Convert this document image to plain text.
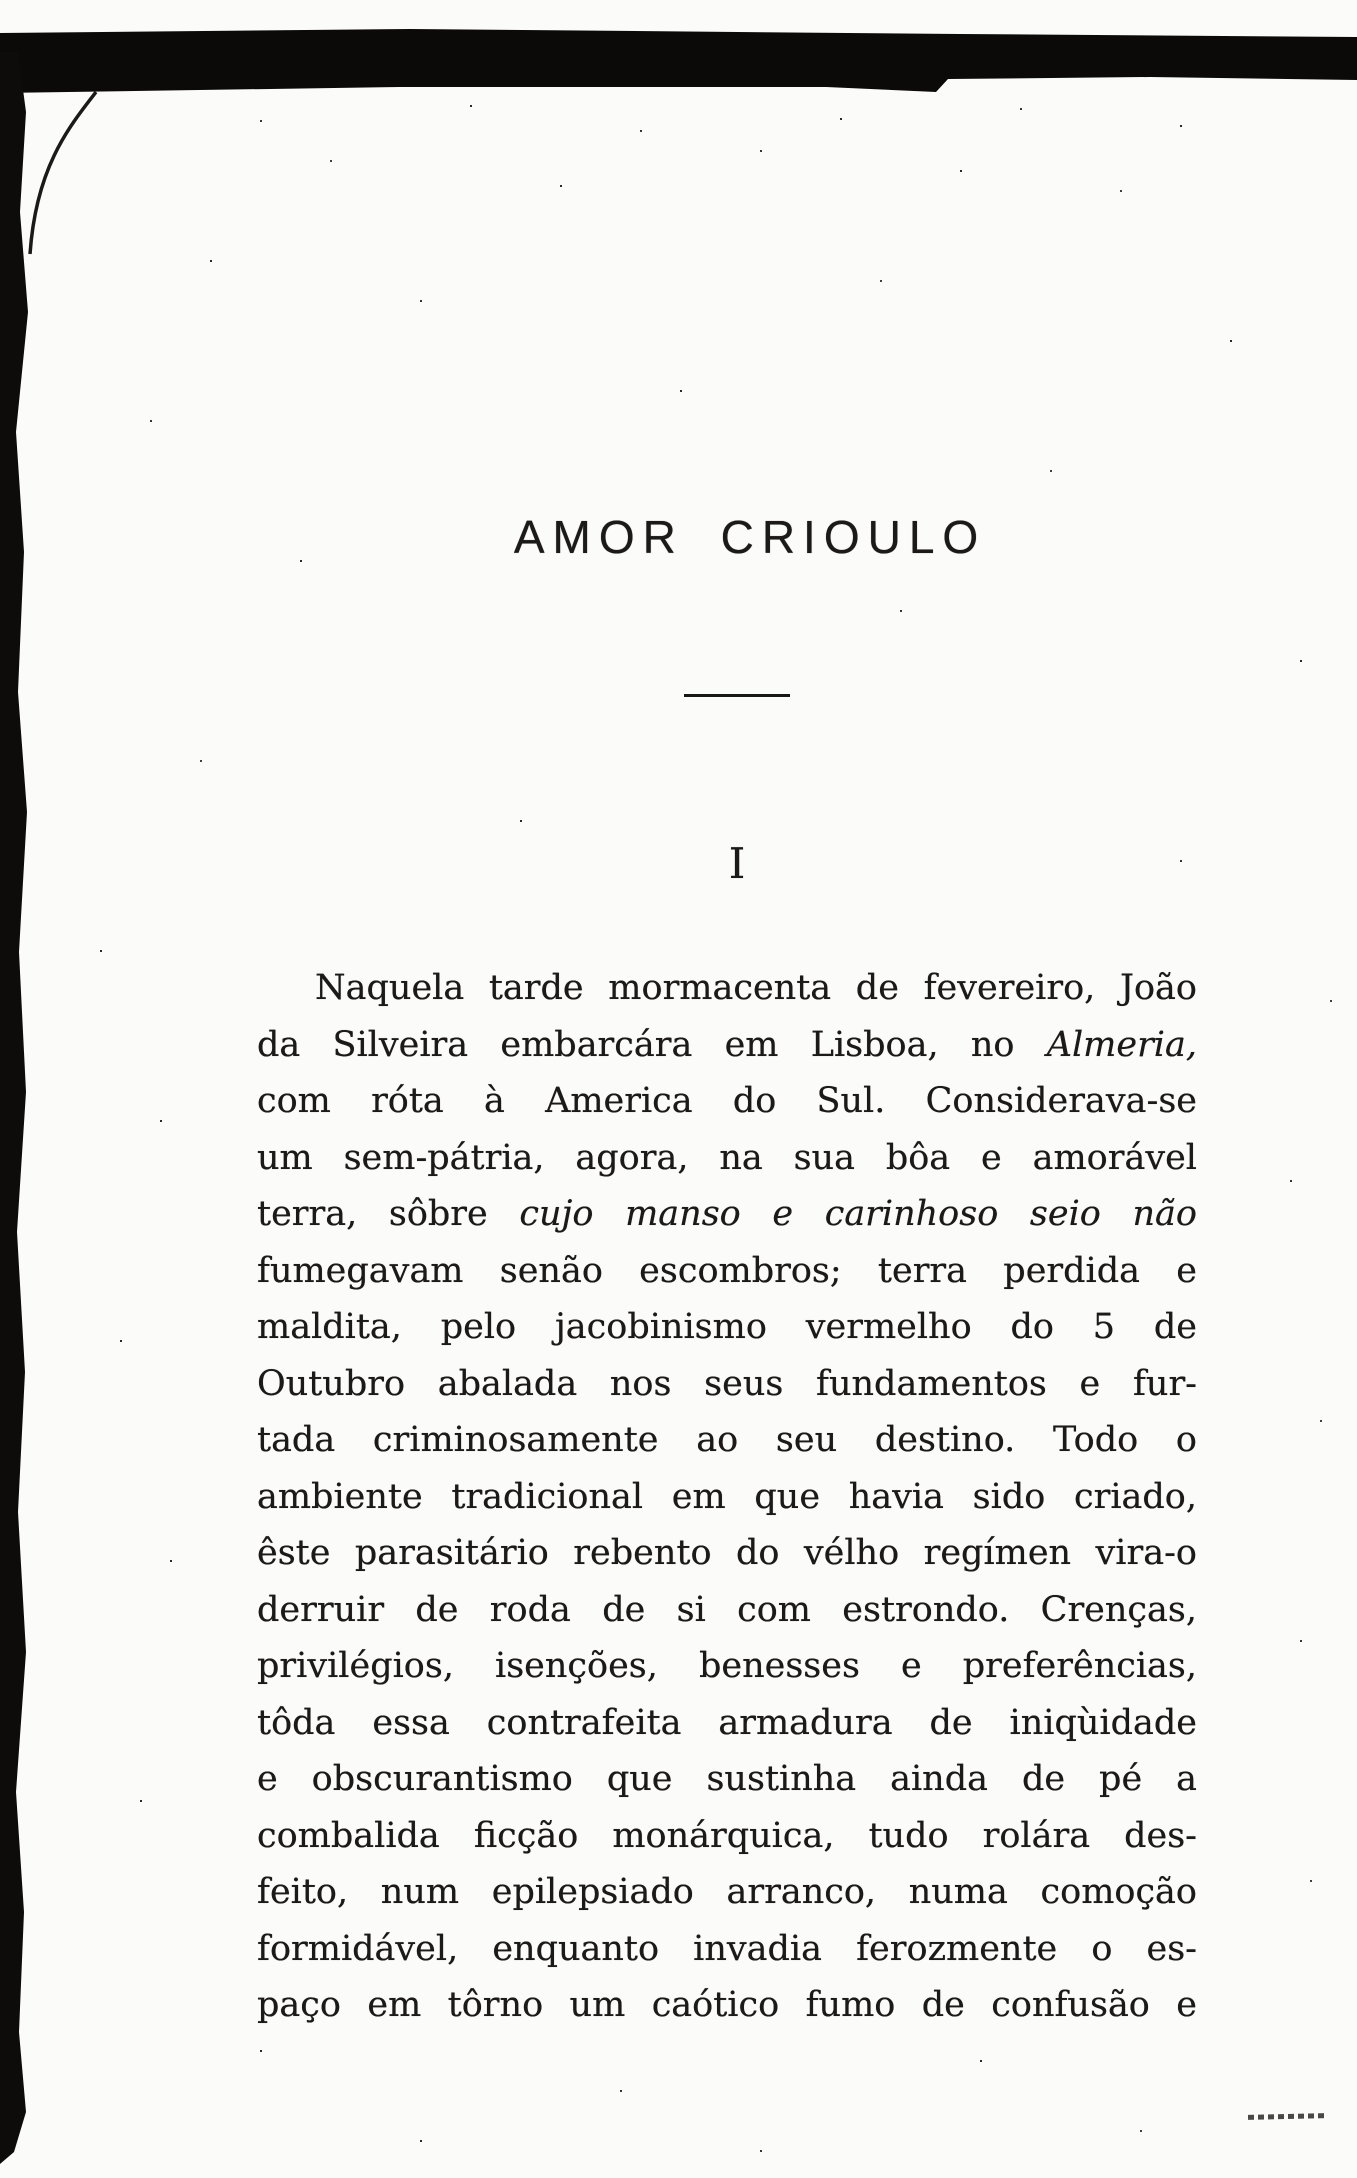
AMOR CRIOULO
I
Naquela tarde mormacenta de fevereiro, João
da Silveira embarcára em Lisboa, no Almeria,
com róta à America do Sul. Considerava-se
um sem-pátria, agora, na sua bôa e amorável
terra, sôbre cujo manso e carinhoso seio não
fumegavam senão escombros; terra perdida e
maldita, pelo jacobinismo vermelho do 5 de
Outubro abalada nos seus fundamentos e fur-
tada criminosamente ao seu destino. Todo o
ambiente tradicional em que havia sido criado,
êste parasitário rebento do vélho regímen vira-o
derruir de roda de si com estrondo. Crenças,
privilégios, isenções, benesses e preferências,
tôda essa contrafeita armadura de iniqùidade
e obscurantismo que sustinha ainda de pé a
combalida ficção monárquica, tudo rolára des-
feito, num epilepsiado arranco, numa comoção
formidável, enquanto invadia ferozmente o es-
paço em tôrno um caótico fumo de confusão e
